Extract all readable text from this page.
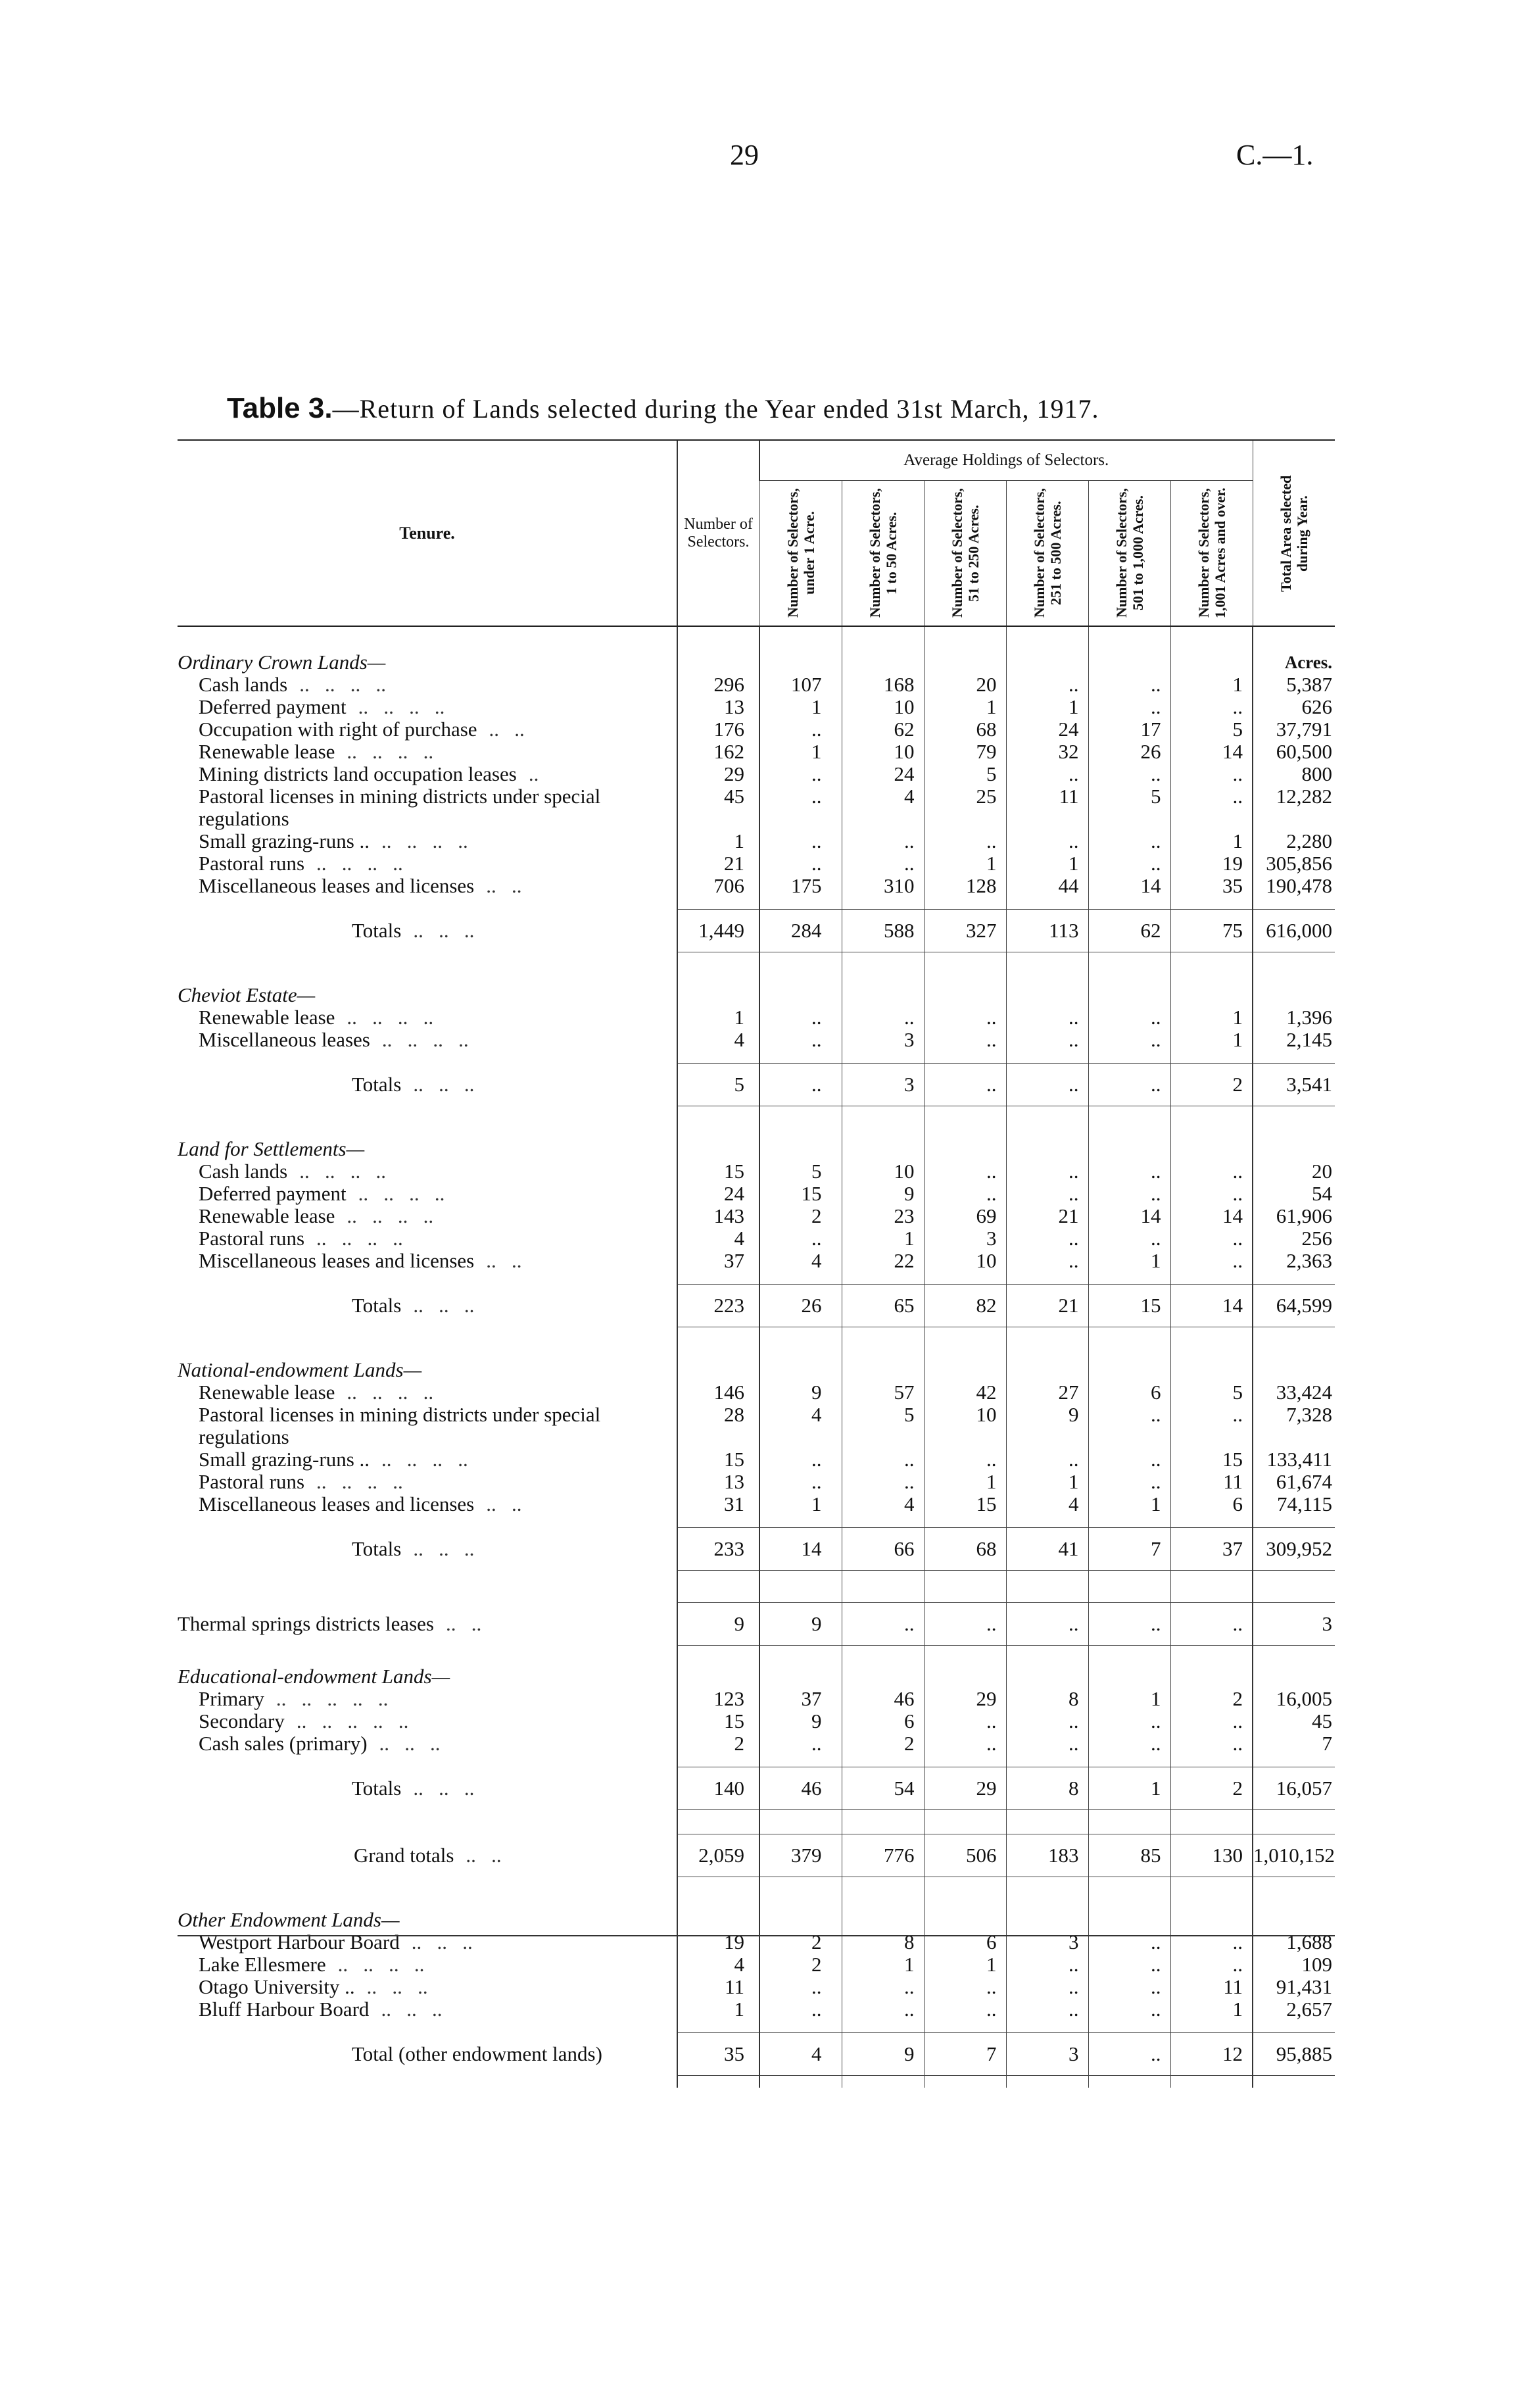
29	C.—1.
Table 3.—Return of Lands selected during the Year ended 31st March, 1917.
Tenure.	Number of Selectors.	Average Holdings of Selectors.						Total Area selected during Year.

		Number of Selectors, under 1 Acre.	Number of Selectors, 1 to 50 Acres.	Number of Selectors, 51 to 250 Acres.	Number of Selectors, 251 to 500 Acres.	Number of Selectors, 501 to 1,000 Acres.	Number of Selectors, 1,001 Acres and over.	

Ordinary Crown Lands—								Acres.
Cash lands ..   ..   ..   ..	296	107	168	20	..	..	1	5,387
Deferred payment ..   ..   ..   ..	13	1	10	1	1	..	..	626
Occupation with right of purchase ..   ..	176	..	62	68	24	17	5	37,791
Renewable lease ..   ..   ..   ..	162	1	10	79	32	26	14	60,500
Mining districts land occupation leases ..	29	..	24	5	..	..	..	800
Pastoral licenses in mining districts under special	45	..	4	25	11	5	..	12,282
regulations								
Small grazing-runs .. ..   ..   ..   ..	1	..	..	..	..	..	1	2,280
Pastoral runs ..   ..   ..   ..	21	..	..	1	1	..	19	305,856
Miscellaneous leases and licenses ..   ..	706	175	310	128	44	14	35	190,478

Totals ..   ..   ..	1,449	284	588	327	113	62	75	616,000

Cheviot Estate—								
Renewable lease ..   ..   ..   ..	1	..	..	..	..	..	1	1,396
Miscellaneous leases ..   ..   ..   ..	4	..	3	..	..	..	1	2,145

Totals ..   ..   ..	5	..	3	..	..	..	2	3,541

Land for Settlements—								
Cash lands ..   ..   ..   ..	15	5	10	..	..	..	..	20
Deferred payment ..   ..   ..   ..	24	15	9	..	..	..	..	54
Renewable lease ..   ..   ..   ..	143	2	23	69	21	14	14	61,906
Pastoral runs ..   ..   ..   ..	4	..	1	3	..	..	..	256
Miscellaneous leases and licenses ..   ..	37	4	22	10	..	1	..	2,363

Totals ..   ..   ..	223	26	65	82	21	15	14	64,599

National-endowment Lands—								
Renewable lease ..   ..   ..   ..	146	9	57	42	27	6	5	33,424
Pastoral licenses in mining districts under special	28	4	5	10	9	..	..	7,328
regulations								
Small grazing-runs .. ..   ..   ..   ..	15	..	..	..	..	..	15	133,411
Pastoral runs ..   ..   ..   ..	13	..	..	1	1	..	11	61,674
Miscellaneous leases and licenses ..   ..	31	1	4	15	4	1	6	74,115

Totals ..   ..   ..	233	14	66	68	41	7	37	309,952

Thermal springs districts leases ..   ..	9	9	..	..	..	..	..	3

Educational-endowment Lands—								
Primary ..   ..   ..   ..   ..	123	37	46	29	8	1	2	16,005
Secondary ..   ..   ..   ..   ..	15	9	6	..	..	..	..	45
Cash sales (primary) ..   ..   ..	2	..	2	..	..	..	..	7

Totals ..   ..   ..	140	46	54	29	8	1	2	16,057

Grand totals ..   ..	2,059	379	776	506	183	85	130	1,010,152

Other Endowment Lands—								
Westport Harbour Board ..   ..   ..	19	2	8	6	3	..	..	1,688
Lake Ellesmere ..   ..   ..   ..	4	2	1	1	..	..	..	109
Otago University .. ..   ..   ..	11	..	..	..	..	..	11	91,431
Bluff Harbour Board ..   ..   ..	1	..	..	..	..	..	1	2,657

Total (other endowment lands)	35	4	9	7	3	..	12	95,885
